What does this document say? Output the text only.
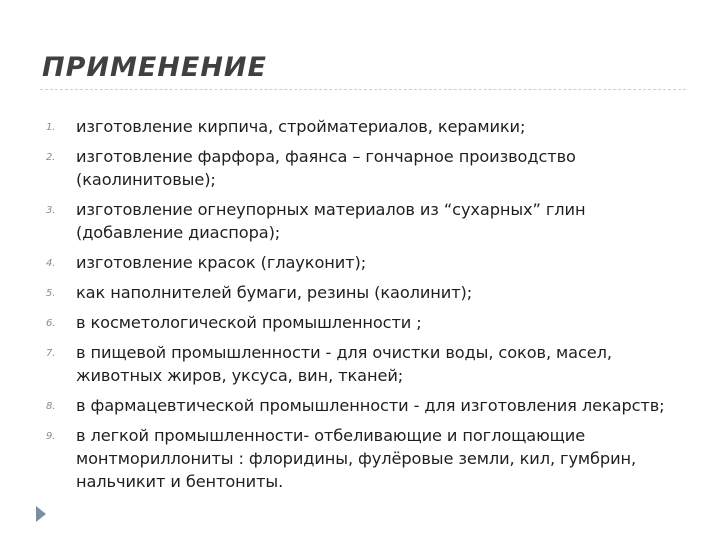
ПРИМЕНЕНИЕ
1. изготовление кирпича, стройматериалов, керамики;
2. изготовление фарфора, фаянса – гончарное производство (каолинитовые);
3. изготовление огнеупорных материалов из “сухарных” глин (добавление диаспора);
4. изготовление красок (глауконит);
5. как наполнителей бумаги, резины (каолинит);
6. в косметологической промышленности ;
7. в пищевой промышленности - для очистки воды, соков, масел, животных жиров, уксуса, вин, тканей;
8. в фармацевтической промышленности - для изготовления лекарств;
9. в легкой промышленности- отбеливающие и поглощающие монтмориллониты : флоридины, фулёровые земли, кил, гумбрин, нальчикит и бентониты.
